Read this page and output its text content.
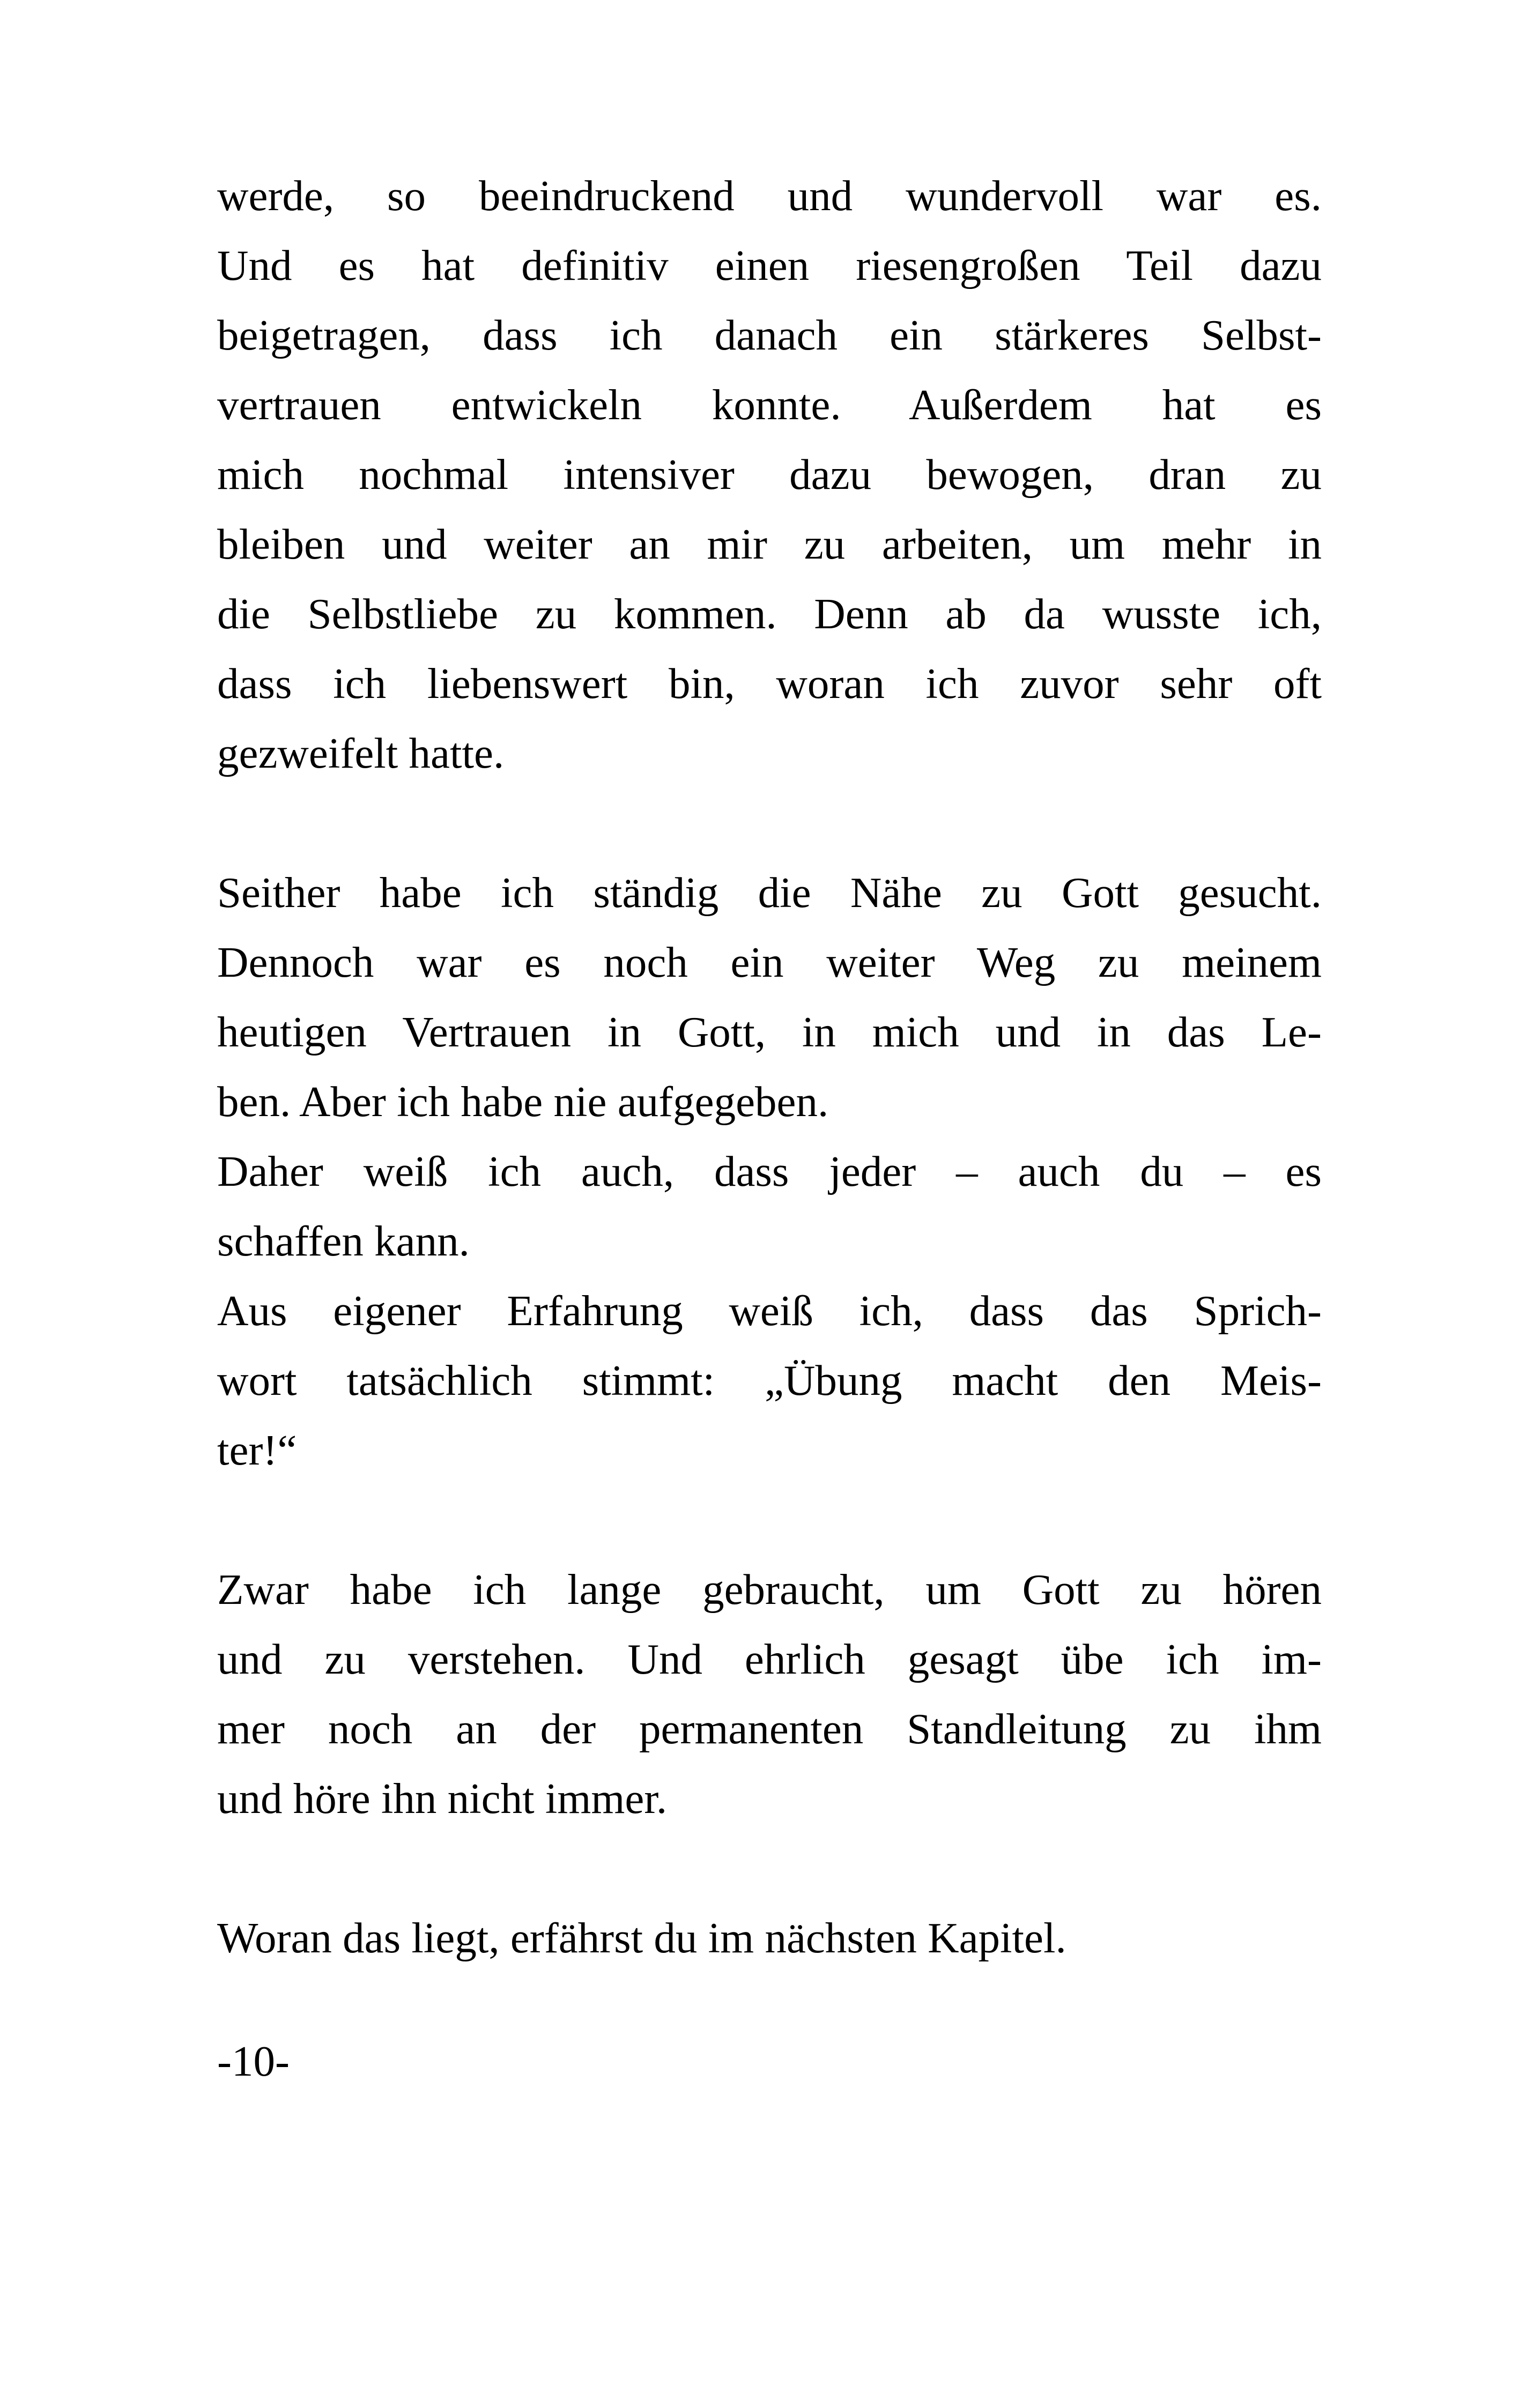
werde, so beeindruckend und wundervoll war es.
Und es hat definitiv einen riesengroßen Teil dazu
beigetragen, dass ich danach ein stärkeres Selbst-
vertrauen entwickeln konnte. Außerdem hat es
mich nochmal intensiver dazu bewogen, dran zu
bleiben und weiter an mir zu arbeiten, um mehr in
die Selbstliebe zu kommen. Denn ab da wusste ich,
dass ich liebenswert bin, woran ich zuvor sehr oft
gezweifelt hatte.
Seither habe ich ständig die Nähe zu Gott gesucht.
Dennoch war es noch ein weiter Weg zu meinem
heutigen Vertrauen in Gott, in mich und in das Le-
ben. Aber ich habe nie aufgegeben.
Daher weiß ich auch, dass jeder – auch du – es
schaffen kann.
Aus eigener Erfahrung weiß ich, dass das Sprich-
wort tatsächlich stimmt: „Übung macht den Meis-
ter!“
Zwar habe ich lange gebraucht, um Gott zu hören
und zu verstehen. Und ehrlich gesagt übe ich im-
mer noch an der permanenten Standleitung zu ihm
und höre ihn nicht immer.
Woran das liegt, erfährst du im nächsten Kapitel.
-10-
